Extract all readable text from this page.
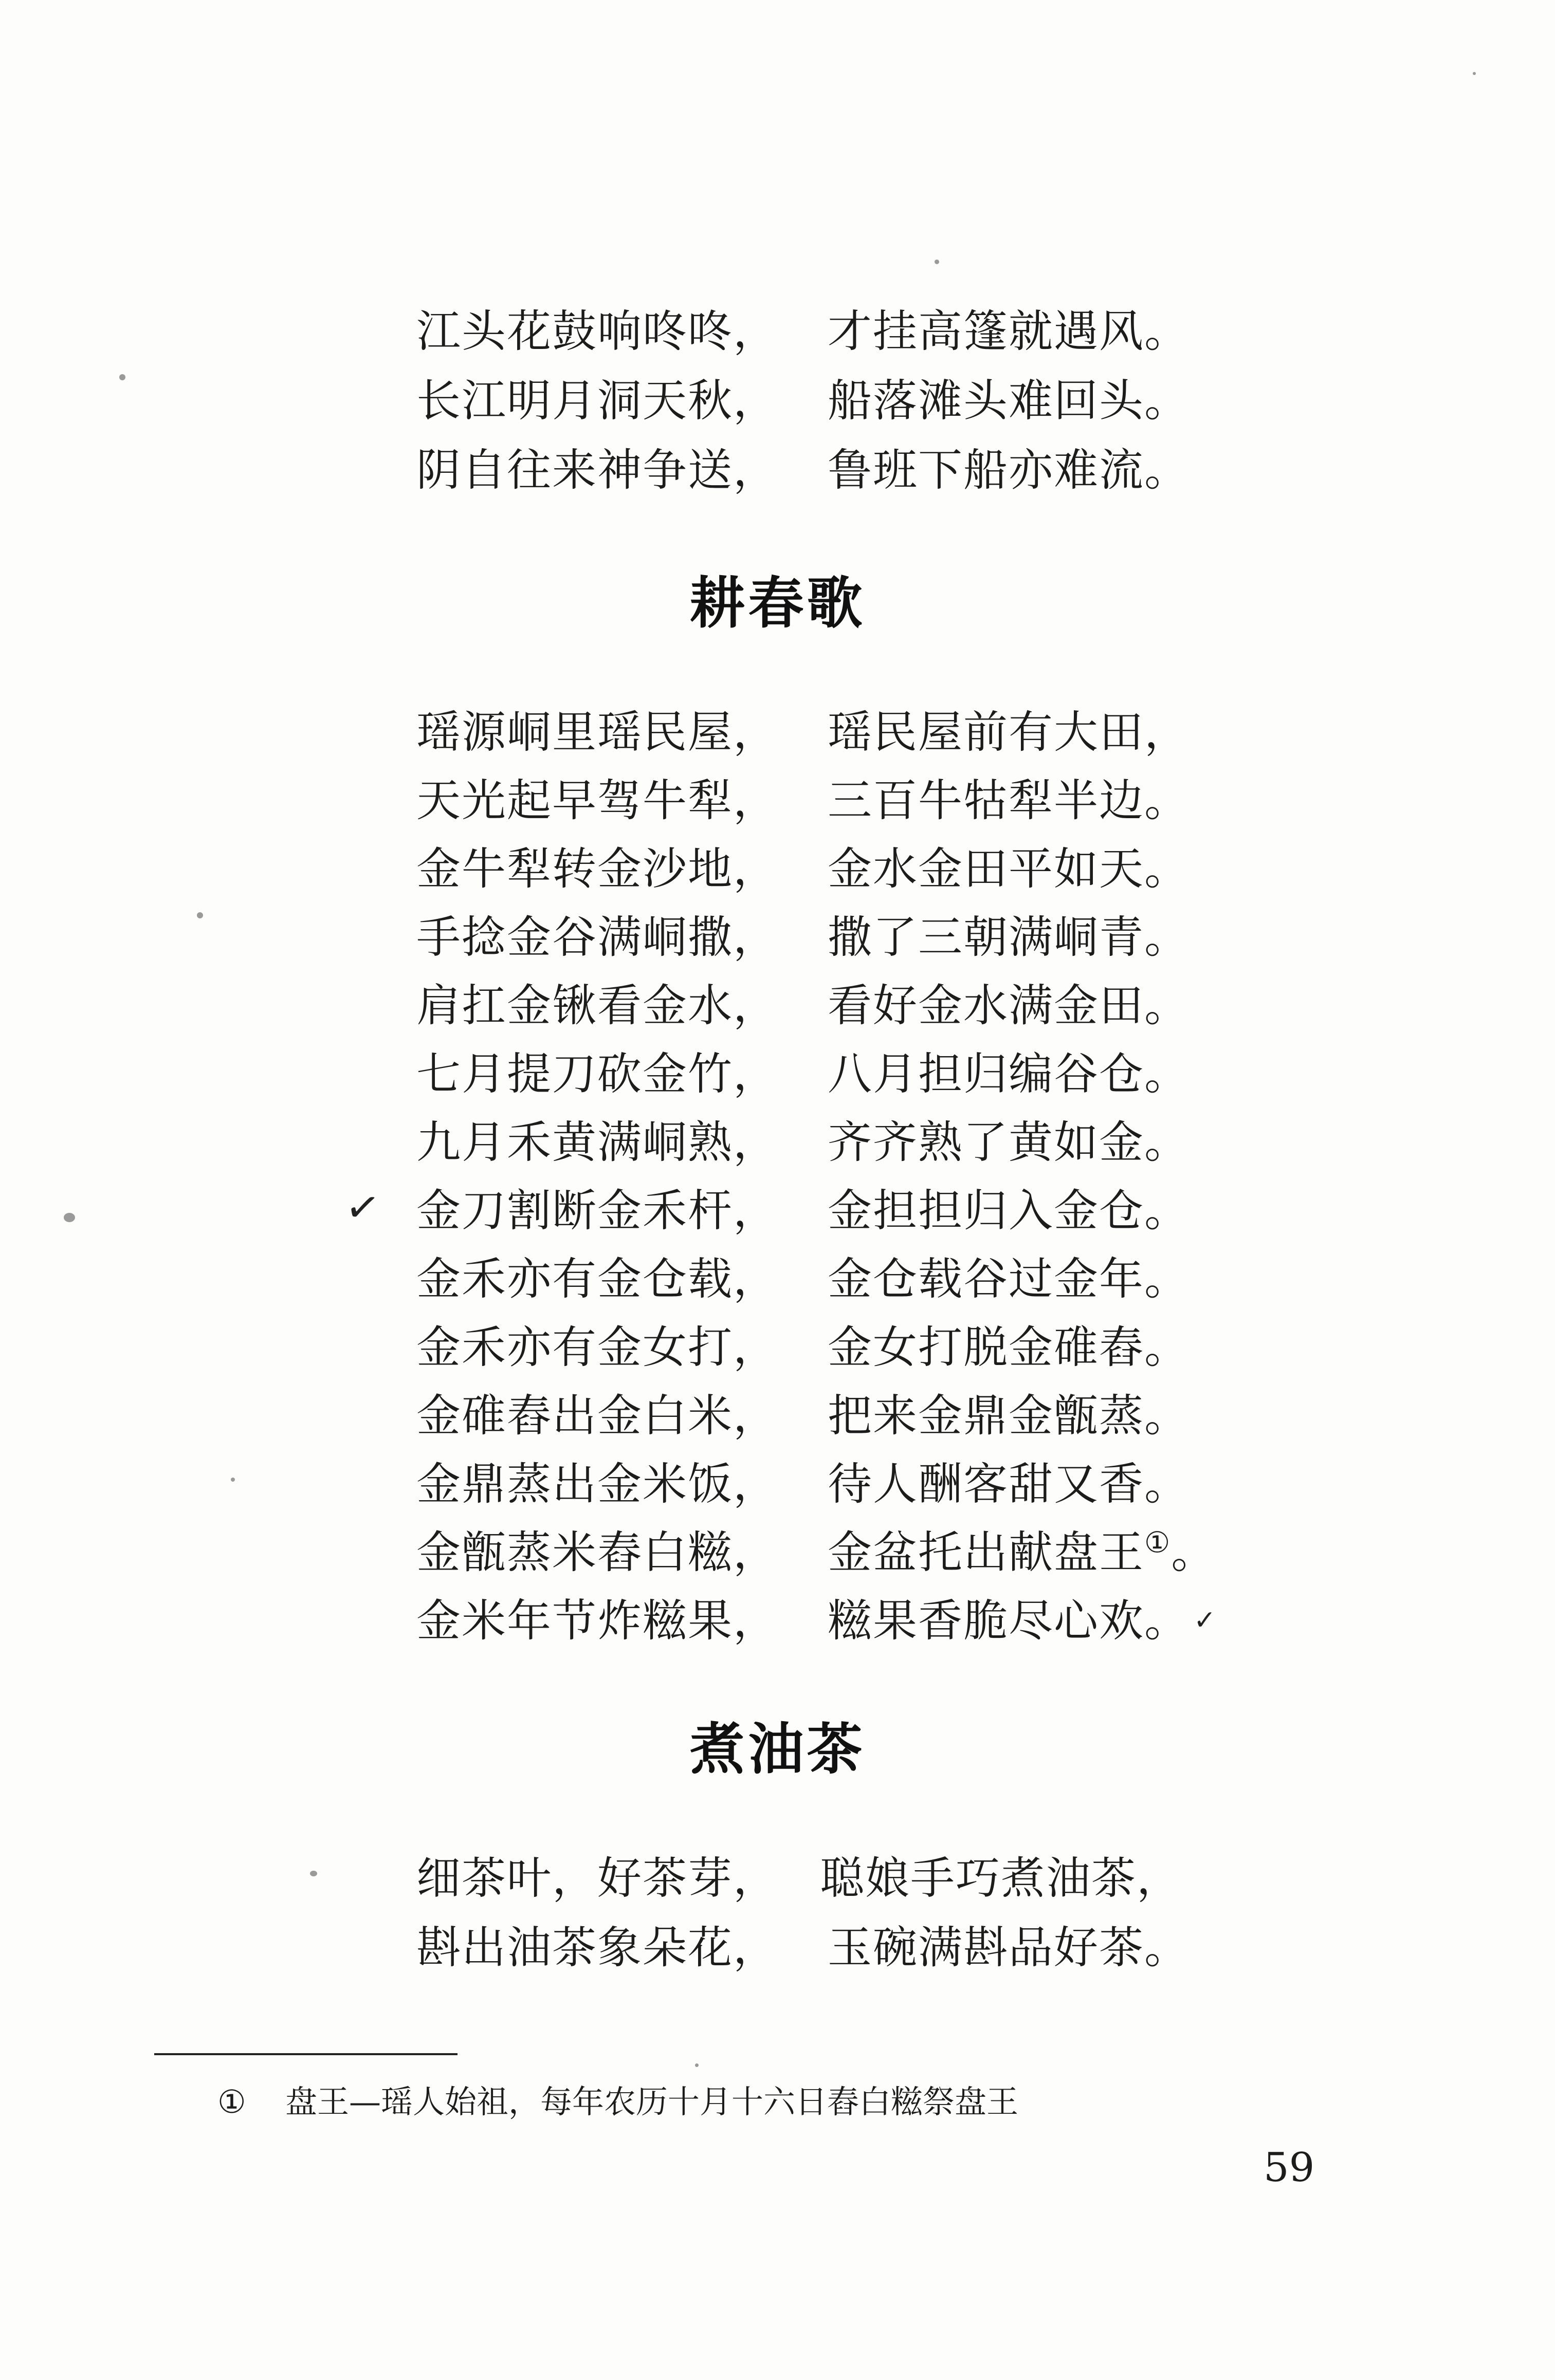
江头花鼓响咚咚， 才挂高篷就遇风。
长江明月洞天秋， 船落滩头难回头。
阴自往来神争送， 鲁班下船亦难流。
耕春歌
瑶源峒里瑶民屋， 瑶民屋前有大田，
天光起早驾牛犁， 三百牛牯犁半边。
金牛犁转金沙地， 金水金田平如天。
手捻金谷满峒撒， 撒了三朝满峒青。
肩扛金锹看金水， 看好金水满金田。
七月提刀砍金竹， 八月担归编谷仓。
九月禾黄满峒熟， 齐齐熟了黄如金。
金刀割断金禾杆， 金担担归入金仓。
金禾亦有金仓载， 金仓载谷过金年。
金禾亦有金女打， 金女打脱金碓舂。
金碓舂出金白米， 把来金鼎金甑蒸。
金鼎蒸出金米饭， 待人酬客甜又香。
金甑蒸米舂白糍， 金盆托出献盘王①。
金米年节炸糍果， 糍果香脆尽心欢。
✓
✓
煮油茶
细茶叶，好茶芽， 聪娘手巧煮油茶，
斟出油茶象朵花， 玉碗满斟品好茶。
① 盘王—瑶人始祖，每年农历十月十六日舂白糍祭盘王
59
